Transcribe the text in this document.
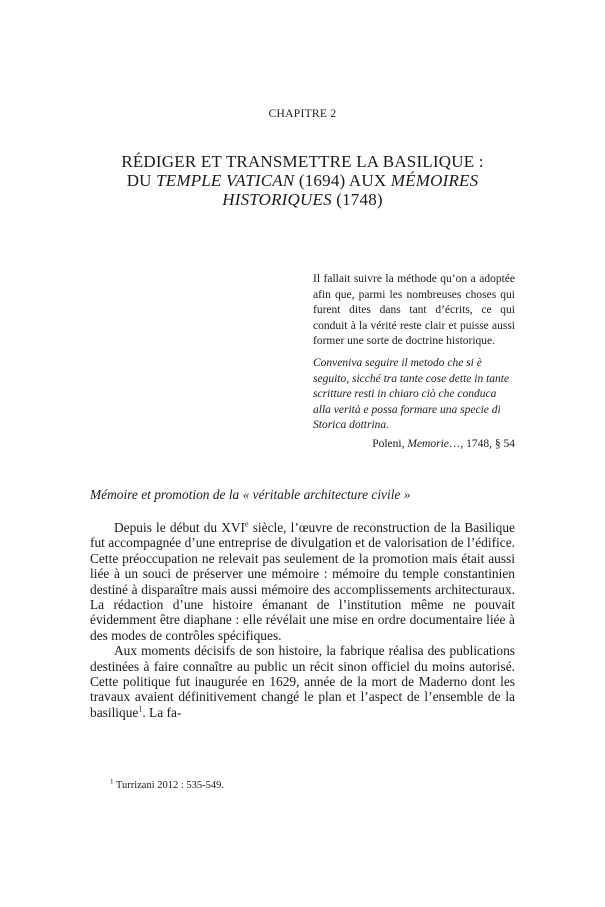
CHAPITRE 2
RÉDIGER ET TRANSMETTRE LA BASILIQUE :
DU TEMPLE VATICAN (1694) AUX MÉMOIRES
HISTORIQUES (1748)
Il fallait suivre la méthode qu’on a adoptée afin que, parmi les nombreuses choses qui furent dites dans tant d’écrits, ce qui conduit à la vérité reste clair et puisse aussi former une sorte de doctrine historique.
Conveniva seguire il metodo che si è seguito, sicché tra tante cose dette in tante scritture resti in chiaro ciò che conduca alla verità e possa formare una specie di Storica dottrina.
Poleni, Memorie…, 1748, § 54
Mémoire et promotion de la « véritable architecture civile »

Depuis le début du XVIe siècle, l’œuvre de reconstruction de la Basilique fut accompagnée d’une entreprise de divulgation et de valorisation de l’édifice. Cette préoccupation ne relevait pas seulement de la promotion mais était aussi liée à un souci de préserver une mémoire : mémoire du temple constantinien destiné à disparaître mais aussi mémoire des accomplissements architecturaux. La rédaction d’une histoire émanant de l’institution même ne pouvait évidemment être diaphane : elle révélait une mise en ordre documentaire liée à des modes de contrôles spécifiques.

Aux moments décisifs de son histoire, la fabrique réalisa des publications destinées à faire connaître au public un récit sinon officiel du moins autorisé. Cette politique fut inaugurée en 1629, année de la mort de Maderno dont les travaux avaient définitivement changé le plan et l’aspect de l’ensemble de la basilique$^1$. La fa-

$^1$ Turrizani 2012 : 535-549.
